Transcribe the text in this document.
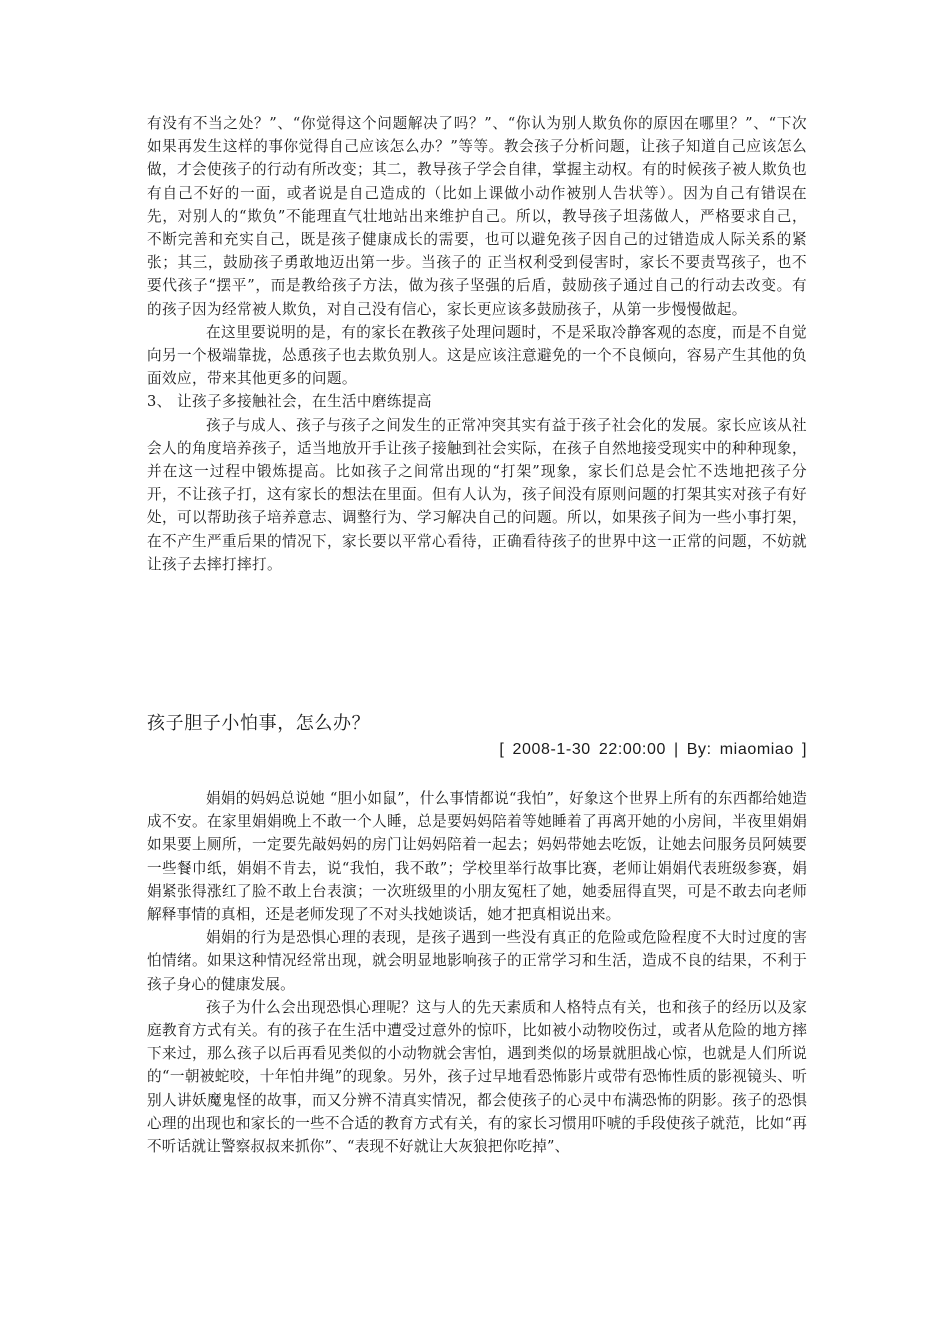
有没有不当之处？”、“你觉得这个问题解决了吗？”、“你认为别人欺负你的原因在哪里？”、“下次如果再发生这样的事你觉得自己应该怎么办？”等等。教会孩子分析问题，让孩子知道自己应该怎么做，才会使孩子的行动有所改变；其二，教导孩子学会自律，掌握主动权。有的时候孩子被人欺负也有自己不好的一面，或者说是自己造成的（比如上课做小动作被别人告状等）。因为自己有错误在先，对别人的“欺负”不能理直气壮地站出来维护自己。所以，教导孩子坦荡做人，严格要求自己，不断完善和充实自己，既是孩子健康成长的需要，也可以避免孩子因自己的过错造成人际关系的紧张；其三，鼓励孩子勇敢地迈出第一步。当孩子的 正当权利受到侵害时，家长不要责骂孩子，也不要代孩子“摆平”，而是教给孩子方法，做为孩子坚强的后盾，鼓励孩子通过自己的行动去改变。有的孩子因为经常被人欺负，对自己没有信心，家长更应该多鼓励孩子，从第一步慢慢做起。

在这里要说明的是，有的家长在教孩子处理问题时，不是采取冷静客观的态度，而是不自觉向另一个极端靠拢，怂恿孩子也去欺负别人。这是应该注意避免的一个不良倾向，容易产生其他的负面效应，带来其他更多的问题。

3、 让孩子多接触社会，在生活中磨练提高

孩子与成人、孩子与孩子之间发生的正常冲突其实有益于孩子社会化的发展。家长应该从社会人的角度培养孩子，适当地放开手让孩子接触到社会实际，在孩子自然地接受现实中的种种现象，并在这一过程中锻炼提高。比如孩子之间常出现的“打架”现象，家长们总是会忙不迭地把孩子分开，不让孩子打，这有家长的想法在里面。但有人认为，孩子间没有原则问题的打架其实对孩子有好处，可以帮助孩子培养意志、调整行为、学习解决自己的问题。所以，如果孩子间为一些小事打架，在不产生严重后果的情况下，家长要以平常心看待，正确看待孩子的世界中这一正常的问题，不妨就让孩子去摔打摔打。

孩子胆子小怕事，怎么办？

[ 2008-1-30 22:00:00 | By: miaomiao ]

娟娟的妈妈总说她 “胆小如鼠”，什么事情都说“我怕”，好象这个世界上所有的东西都给她造成不安。在家里娟娟晚上不敢一个人睡，总是要妈妈陪着等她睡着了再离开她的小房间，半夜里娟娟如果要上厕所，一定要先敲妈妈的房门让妈妈陪着一起去；妈妈带她去吃饭，让她去问服务员阿姨要一些餐巾纸，娟娟不肯去，说“我怕，我不敢”；学校里举行故事比赛，老师让娟娟代表班级参赛，娟娟紧张得涨红了脸不敢上台表演；一次班级里的小朋友冤枉了她，她委屈得直哭，可是不敢去向老师解释事情的真相，还是老师发现了不对头找她谈话，她才把真相说出来。

娟娟的行为是恐惧心理的表现，是孩子遇到一些没有真正的危险或危险程度不大时过度的害怕情绪。如果这种情况经常出现，就会明显地影响孩子的正常学习和生活，造成不良的结果，不利于孩子身心的健康发展。

孩子为什么会出现恐惧心理呢？这与人的先天素质和人格特点有关，也和孩子的经历以及家庭教育方式有关。有的孩子在生活中遭受过意外的惊吓，比如被小动物咬伤过，或者从危险的地方摔下来过，那么孩子以后再看见类似的小动物就会害怕，遇到类似的场景就胆战心惊，也就是人们所说的“一朝被蛇咬，十年怕井绳”的现象。另外，孩子过早地看恐怖影片或带有恐怖性质的影视镜头、听别人讲妖魔鬼怪的故事，而又分辨不清真实情况，都会使孩子的心灵中布满恐怖的阴影。孩子的恐惧心理的出现也和家长的一些不合适的教育方式有关，有的家长习惯用吓唬的手段使孩子就范，比如“再不听话就让警察叔叔来抓你”、“表现不好就让大灰狼把你吃掉”、
